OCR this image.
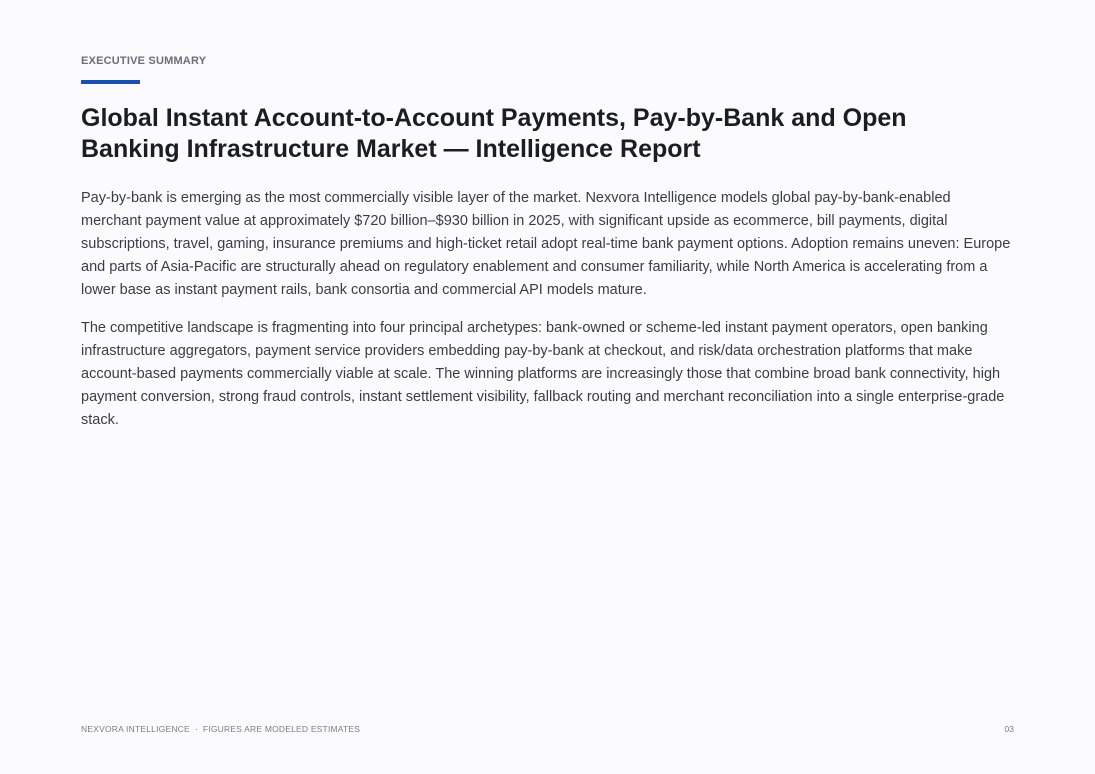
EXECUTIVE SUMMARY
Global Instant Account-to-Account Payments, Pay-by-Bank and Open Banking Infrastructure Market — Intelligence Report

Pay-by-bank is emerging as the most commercially visible layer of the market. Nexvora Intelligence models global pay-by-bank-enabled merchant payment value at approximately $720 billion–$930 billion in 2025, with significant upside as ecommerce, bill payments, digital subscriptions, travel, gaming, insurance premiums and high-ticket retail adopt real-time bank payment options. Adoption remains uneven: Europe and parts of Asia-Pacific are structurally ahead on regulatory enablement and consumer familiarity, while North America is accelerating from a lower base as instant payment rails, bank consortia and commercial API models mature.

The competitive landscape is fragmenting into four principal archetypes: bank-owned or scheme-led instant payment operators, open banking infrastructure aggregators, payment service providers embedding pay-by-bank at checkout, and risk/data orchestration platforms that make account-based payments commercially viable at scale. The winning platforms are increasingly those that combine broad bank connectivity, high payment conversion, strong fraud controls, instant settlement visibility, fallback routing and merchant reconciliation into a single enterprise-grade stack.

NEXVORA INTELLIGENCE · FIGURES ARE MODELED ESTIMATES	03
